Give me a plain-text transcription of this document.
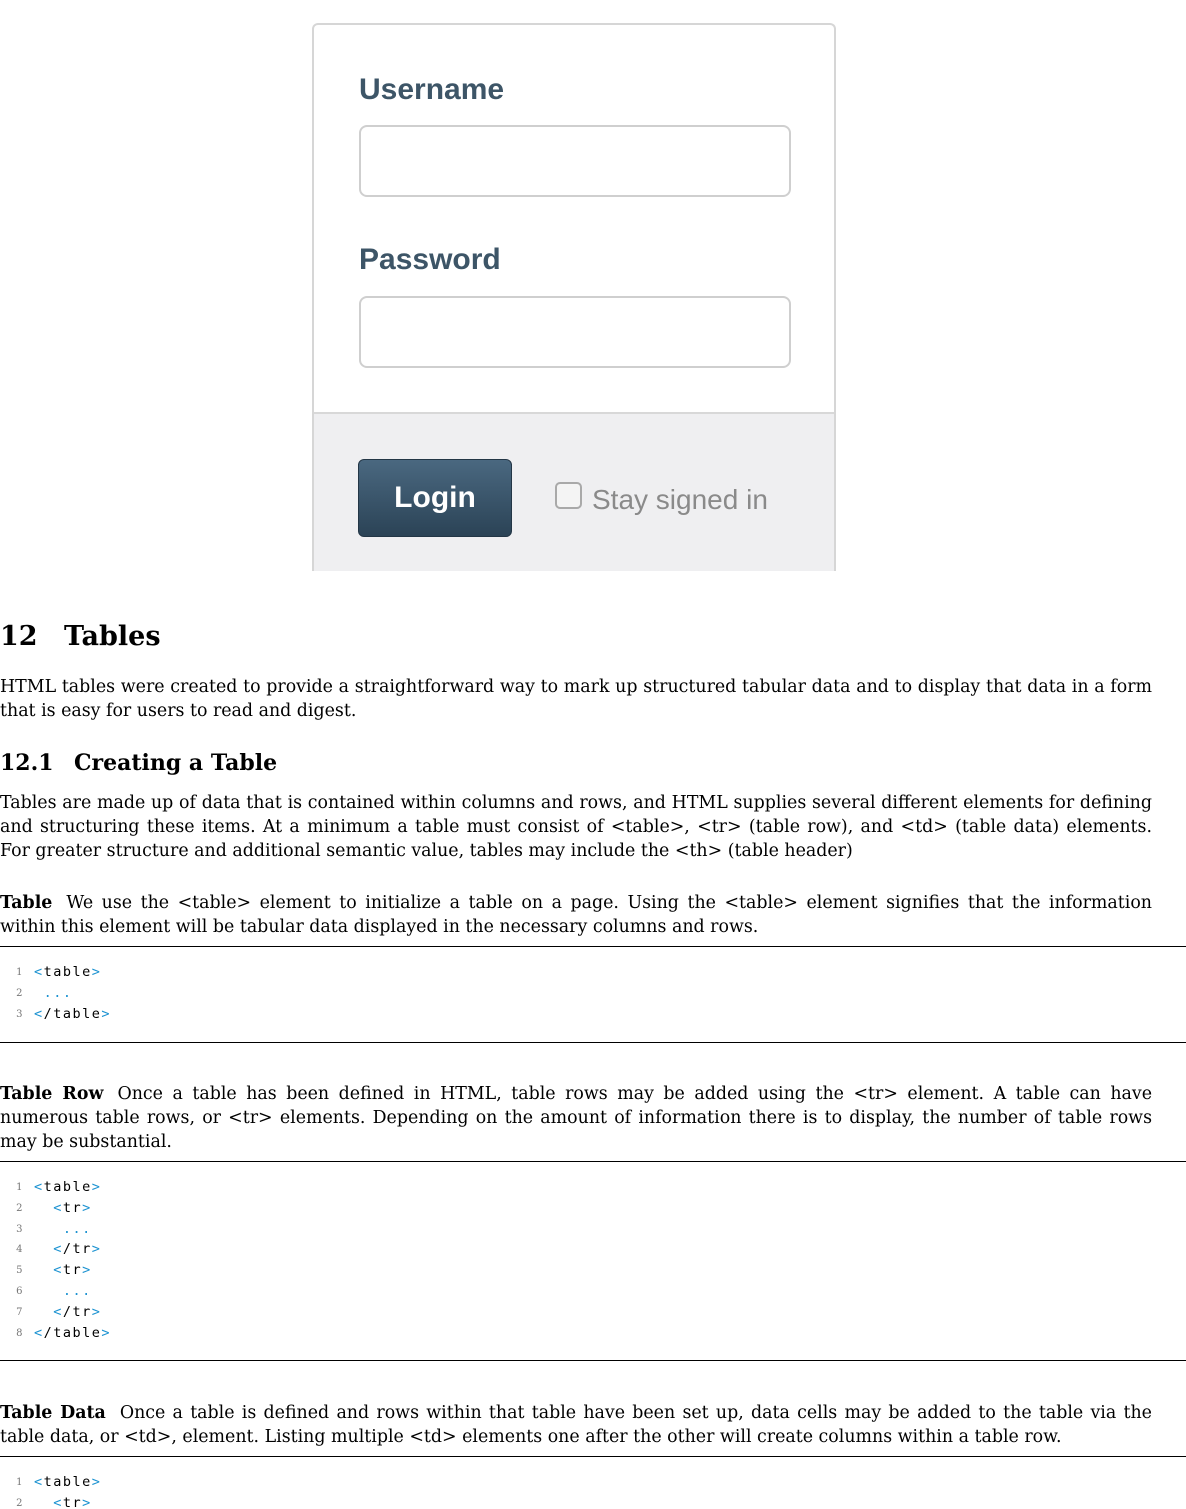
Username
Password
Login	Stay signed in
12 Tables

HTML tables were created to provide a straightforward way to mark up structured tabular data and to display that data in a form that is easy for users to read and digest.

12.1 Creating a Table

Tables are made up of data that is contained within columns and rows, and HTML supplies several different elements for defining and structuring these items. At a minimum a table must consist of <table>, <tr> (table row), and <td> (table data) elements. For greater structure and additional semantic value, tables may include the <th> (table header)

Table We use the <table> element to initialize a table on a page. Using the <table> element signifies that the information within this element will be tabular data displayed in the necessary columns and rows.

1 <table>
2	...
3 </table>

Table Row Once a table has been defined in HTML, table rows may be added using the <tr> element. A table can have numerous table rows, or <tr> elements. Depending on the amount of information there is to display, the number of table rows may be substantial.

1 <table>
2	<tr>
3	...
4	</tr>
5	<tr>
6	...
7	</tr>
8 </table>

Table Data Once a table is defined and rows within that table have been set up, data cells may be added to the table via the table data, or <td>, element. Listing multiple <td> elements one after the other will create columns within a table row.

1 <table>
2	<tr>
